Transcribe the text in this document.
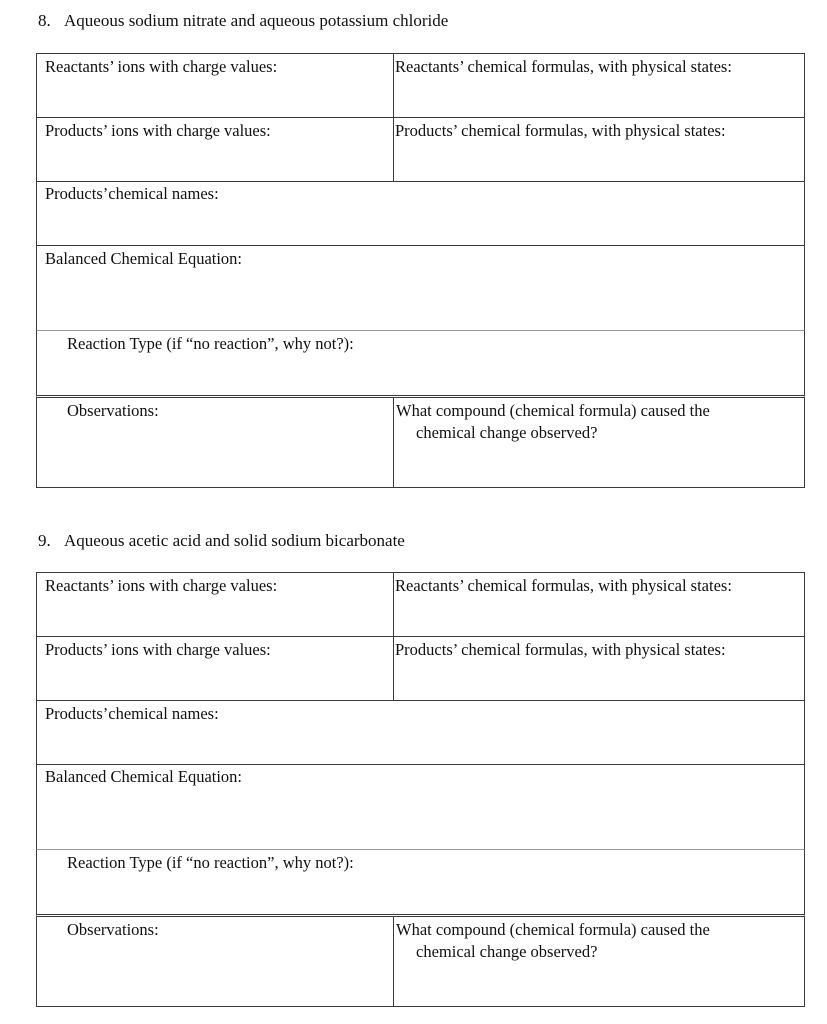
8. Aqueous sodium nitrate and aqueous potassium chloride
Reactants’ ions with charge values:	Reactants’ chemical formulas, with physical states:
Products’ ions with charge values:	Products’ chemical formulas, with physical states:
Products’chemical names:
Balanced Chemical Equation:
Reaction Type (if “no reaction”, why not?):
Observations:	What compound (chemical formula) caused the
chemical change observed?
9. Aqueous acetic acid and solid sodium bicarbonate
Reactants’ ions with charge values:	Reactants’ chemical formulas, with physical states:
Products’ ions with charge values:	Products’ chemical formulas, with physical states:
Products’chemical names:
Balanced Chemical Equation:
Reaction Type (if “no reaction”, why not?):
Observations:	What compound (chemical formula) caused the
chemical change observed?
